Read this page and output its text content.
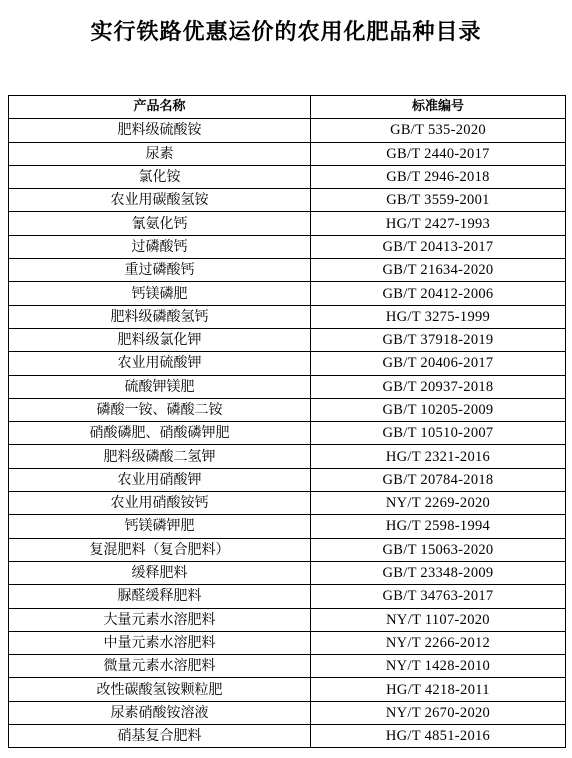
实行铁路优惠运价的农用化肥品种目录
产品名称	标准编号
肥料级硫酸铵	GB/T 535-2020
尿素	GB/T 2440-2017
氯化铵	GB/T 2946-2018
农业用碳酸氢铵	GB/T 3559-2001
氰氨化钙	HG/T 2427-1993
过磷酸钙	GB/T 20413-2017
重过磷酸钙	GB/T 21634-2020
钙镁磷肥	GB/T 20412-2006
肥料级磷酸氢钙	HG/T 3275-1999
肥料级氯化钾	GB/T 37918-2019
农业用硫酸钾	GB/T 20406-2017
硫酸钾镁肥	GB/T 20937-2018
磷酸一铵、磷酸二铵	GB/T 10205-2009
硝酸磷肥、硝酸磷钾肥	GB/T 10510-2007
肥料级磷酸二氢钾	HG/T 2321-2016
农业用硝酸钾	GB/T 20784-2018
农业用硝酸铵钙	NY/T 2269-2020
钙镁磷钾肥	HG/T 2598-1994
复混肥料（复合肥料）	GB/T 15063-2020
缓释肥料	GB/T 23348-2009
脲醛缓释肥料	GB/T 34763-2017
大量元素水溶肥料	NY/T 1107-2020
中量元素水溶肥料	NY/T 2266-2012
微量元素水溶肥料	NY/T 1428-2010
改性碳酸氢铵颗粒肥	HG/T 4218-2011
尿素硝酸铵溶液	NY/T 2670-2020
硝基复合肥料	HG/T 4851-2016
